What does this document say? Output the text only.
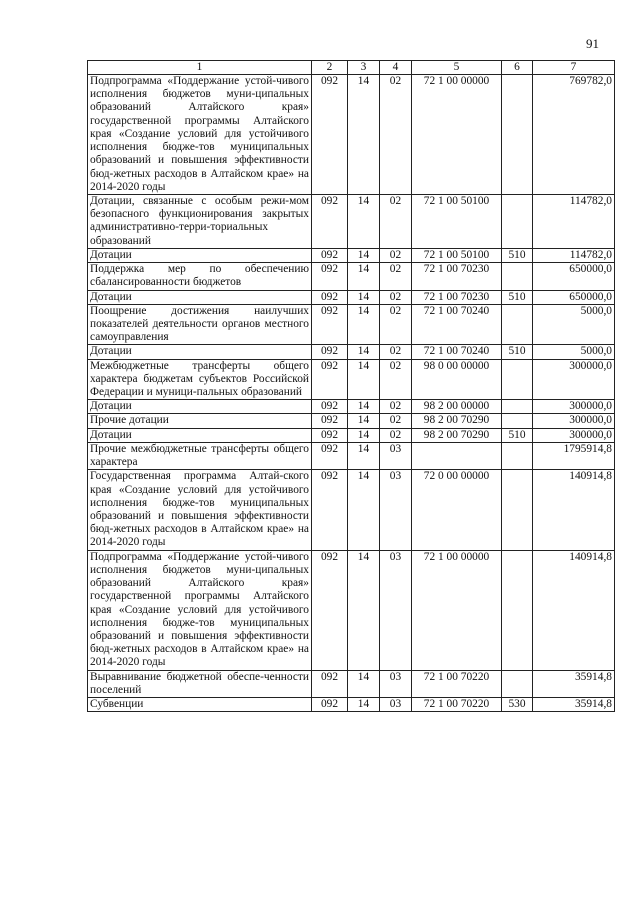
91
1	2	3	4	5	6	7
Подпрограмма «Поддержание устой-чивого исполнения бюджетов муни-ципальных образований Алтайского края» государственной программы Алтайского края «Создание условий для устойчивого исполнения бюдже-тов муниципальных образований и повышения эффективности бюд-жетных расходов в Алтайском крае» на 2014-2020 годы	092	14	02	72 1 00 00000		769782,0
Дотации, связанные с особым режи-мом безопасного функционирования закрытых административно-терри-ториальных образований	092	14	02	72 1 00 50100		114782,0
Дотации	092	14	02	72 1 00 50100	510	114782,0
Поддержка мер по обеспечению сбалансированности бюджетов	092	14	02	72 1 00 70230		650000,0
Дотации	092	14	02	72 1 00 70230	510	650000,0
Поощрение достижения наилучших показателей деятельности органов местного самоуправления	092	14	02	72 1 00 70240		5000,0
Дотации	092	14	02	72 1 00 70240	510	5000,0
Межбюджетные трансферты общего характера бюджетам субъектов Российской Федерации и муници-пальных образований	092	14	02	98 0 00 00000		300000,0
Дотации	092	14	02	98 2 00 00000		300000,0
Прочие дотации	092	14	02	98 2 00 70290		300000,0
Дотации	092	14	02	98 2 00 70290	510	300000,0
Прочие межбюджетные трансферты общего характера	092	14	03			1795914,8
Государственная программа Алтай-ского края «Создание условий для устойчивого исполнения бюдже-тов муниципальных образований и повышения эффективности бюд-жетных расходов в Алтайском крае» на 2014-2020 годы	092	14	03	72 0 00 00000		140914,8
Подпрограмма «Поддержание устой-чивого исполнения бюджетов муни-ципальных образований Алтайского края» государственной программы Алтайского края «Создание условий для устойчивого исполнения бюдже-тов муниципальных образований и повышения эффективности бюд-жетных расходов в Алтайском крае» на 2014-2020 годы	092	14	03	72 1 00 00000		140914,8
Выравнивание бюджетной обеспе-ченности поселений	092	14	03	72 1 00 70220		35914,8
Субвенции	092	14	03	72 1 00 70220	530	35914,8
